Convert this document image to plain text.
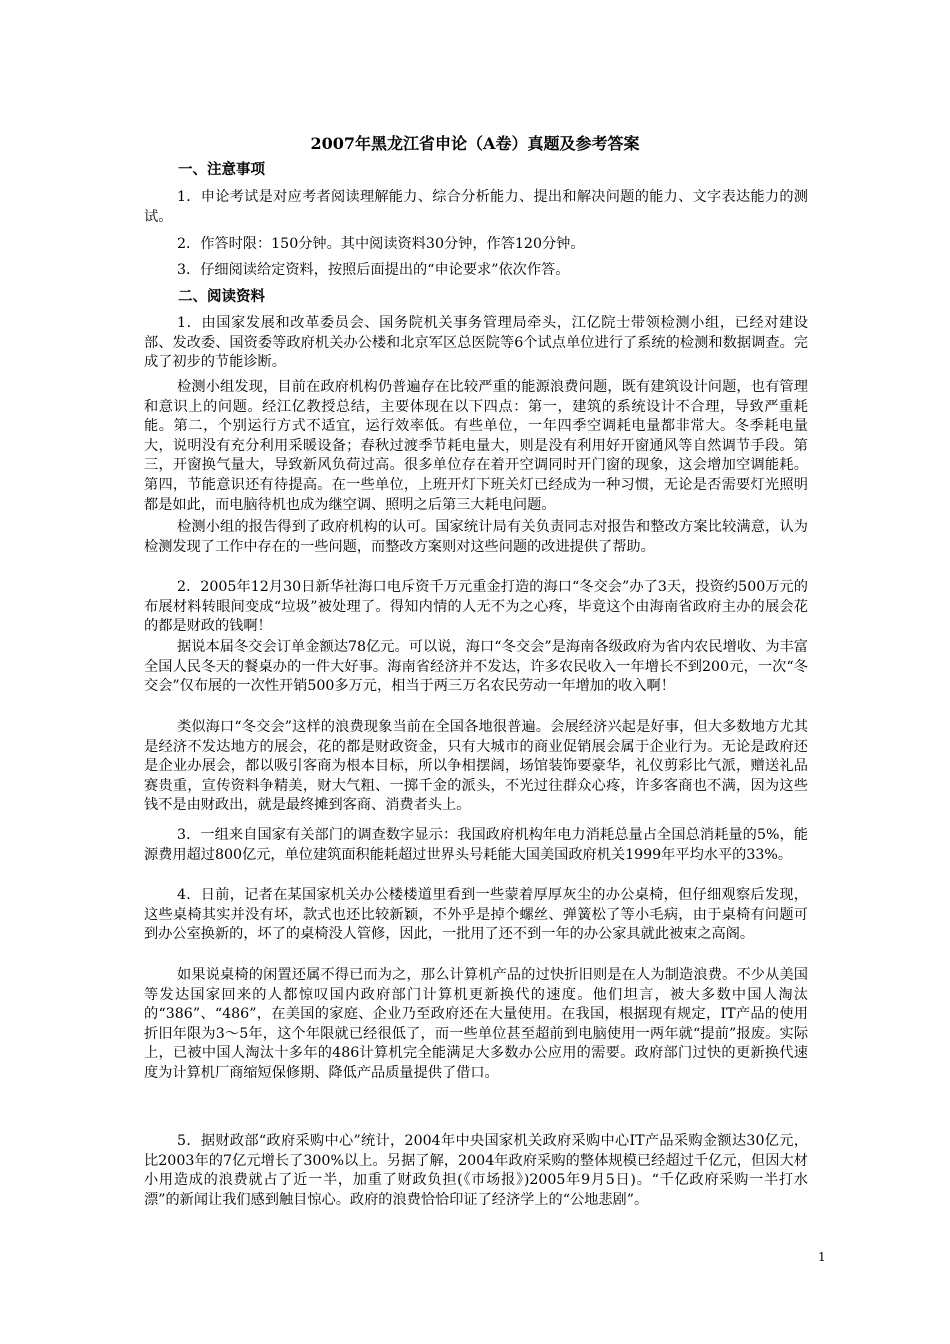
2007年黑龙江省申论（A卷）真题及参考答案
一、注意事项

1．申论考试是对应考者阅读理解能力、综合分析能力、提出和解决问题的能力、文字表达能力的测试。

2．作答时限：150分钟。其中阅读资料30分钟，作答120分钟。

3．仔细阅读给定资料，按照后面提出的“申论要求”依次作答。

二、阅读资料

1．由国家发展和改革委员会、国务院机关事务管理局牵头，江亿院士带领检测小组，已经对建设部、发改委、国资委等政府机关办公楼和北京军区总医院等6个试点单位进行了系统的检测和数据调查。完成了初步的节能诊断。

检测小组发现，目前在政府机构仍普遍存在比较严重的能源浪费问题，既有建筑设计问题，也有管理和意识上的问题。经江亿教授总结，主要体现在以下四点：第一，建筑的系统设计不合理，导致严重耗能。第二，个别运行方式不适宜，运行效率低。有些单位，一年四季空调耗电量都非常大。冬季耗电量大，说明没有充分利用采暖设备；春秋过渡季节耗电量大，则是没有利用好开窗通风等自然调节手段。第三，开窗换气量大，导致新风负荷过高。很多单位存在着开空调同时开门窗的现象，这会增加空调能耗。第四，节能意识还有待提高。在一些单位，上班开灯下班关灯已经成为一种习惯，无论是否需要灯光照明都是如此，而电脑待机也成为继空调、照明之后第三大耗电问题。

检测小组的报告得到了政府机构的认可。国家统计局有关负责同志对报告和整改方案比较满意，认为检测发现了工作中存在的一些问题，而整改方案则对这些问题的改进提供了帮助。

2．2005年12月30日新华社海口电斥资千万元重金打造的海口“冬交会”办了3天，投资约500万元的布展材料转眼间变成“垃圾”被处理了。得知内情的人无不为之心疼，毕竟这个由海南省政府主办的展会花的都是财政的钱啊！

据说本届冬交会订单金额达78亿元。可以说，海口“冬交会”是海南各级政府为省内农民增收、为丰富全国人民冬天的餐桌办的一件大好事。海南省经济并不发达，许多农民收入一年增长不到200元，一次“冬交会”仅布展的一次性开销500多万元，相当于两三万名农民劳动一年增加的收入啊！

类似海口“冬交会”这样的浪费现象当前在全国各地很普遍。会展经济兴起是好事，但大多数地方尤其是经济不发达地方的展会，花的都是财政资金，只有大城市的商业促销展会属于企业行为。无论是政府还是企业办展会，都以吸引客商为根本目标，所以争相摆阔，场馆装饰要豪华，礼仪剪彩比气派，赠送礼品赛贵重，宣传资料争精美，财大气粗、一掷千金的派头，不光过往群众心疼，许多客商也不满，因为这些钱不是由财政出，就是最终摊到客商、消费者头上。

3．一组来自国家有关部门的调查数字显示：我国政府机构年电力消耗总量占全国总消耗量的5%，能源费用超过800亿元，单位建筑面积能耗超过世界头号耗能大国美国政府机关1999年平均水平的33%。

4．日前，记者在某国家机关办公楼楼道里看到一些蒙着厚厚灰尘的办公桌椅，但仔细观察后发现，这些桌椅其实并没有坏，款式也还比较新颖，不外乎是掉个螺丝、弹簧松了等小毛病，由于桌椅有问题可到办公室换新的，坏了的桌椅没人管修，因此，一批用了还不到一年的办公家具就此被束之高阁。

如果说桌椅的闲置还属不得已而为之，那么计算机产品的过快折旧则是在人为制造浪费。不少从美国等发达国家回来的人都惊叹国内政府部门计算机更新换代的速度。他们坦言，被大多数中国人淘汰的“386”、“486”，在美国的家庭、企业乃至政府还在大量使用。在我国，根据现有规定，IT产品的使用折旧年限为3～5年，这个年限就已经很低了，而一些单位甚至超前到电脑使用一两年就“提前”报废。实际上，已被中国人淘汰十多年的486计算机完全能满足大多数办公应用的需要。政府部门过快的更新换代速度为计算机厂商缩短保修期、降低产品质量提供了借口。

5．据财政部“政府采购中心”统计，2004年中央国家机关政府采购中心IT产品采购金额达30亿元，比2003年的7亿元增长了300%以上。另据了解，2004年政府采购的整体规模已经超过千亿元，但因大材小用造成的浪费就占了近一半，加重了财政负担(《市场报》)2005年9月5日)。“千亿政府采购一半打水漂”的新闻让我们感到触目惊心。政府的浪费恰恰印证了经济学上的“公地悲剧”。

1
